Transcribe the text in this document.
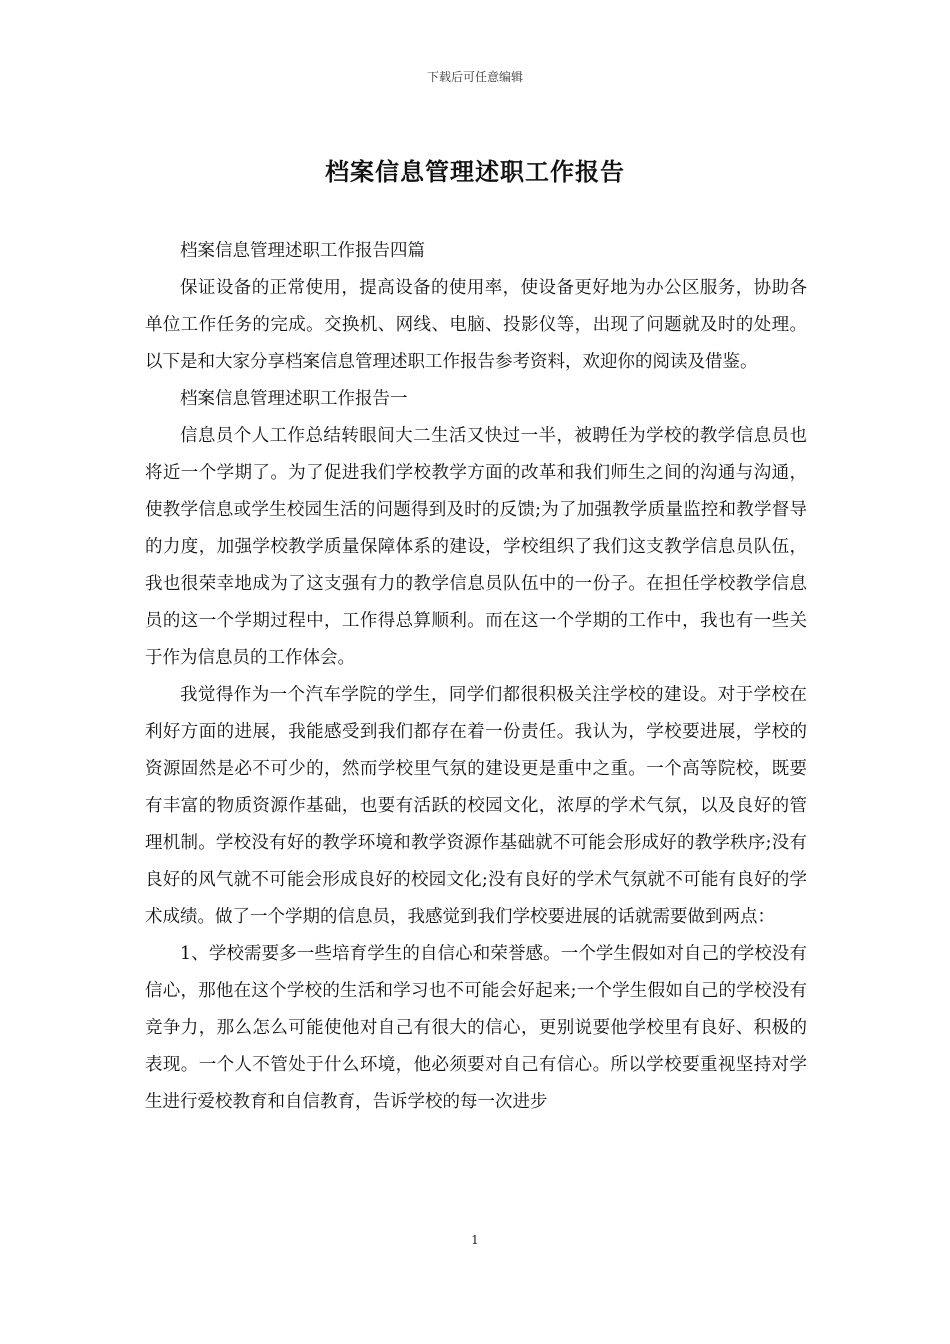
下载后可任意编辑
档案信息管理述职工作报告

档案信息管理述职工作报告四篇

保证设备的正常使用，提高设备的使用率，使设备更好地为办公区服务，协助各单位工作任务的完成。交换机、网线、电脑、投影仪等，出现了问题就及时的处理。以下是和大家分享档案信息管理述职工作报告参考资料，欢迎你的阅读及借鉴。

档案信息管理述职工作报告一

信息员个人工作总结转眼间大二生活又快过一半，被聘任为学校的教学信息员也将近一个学期了。为了促进我们学校教学方面的改革和我们师生之间的沟通与沟通，使教学信息或学生校园生活的问题得到及时的反馈;为了加强教学质量监控和教学督导的力度，加强学校教学质量保障体系的建设，学校组织了我们这支教学信息员队伍，我也很荣幸地成为了这支强有力的教学信息员队伍中的一份子。在担任学校教学信息员的这一个学期过程中，工作得总算顺利。而在这一个学期的工作中，我也有一些关于作为信息员的工作体会。

我觉得作为一个汽车学院的学生，同学们都很积极关注学校的建设。对于学校在利好方面的进展，我能感受到我们都存在着一份责任。我认为，学校要进展，学校的资源固然是必不可少的，然而学校里气氛的建设更是重中之重。一个高等院校，既要有丰富的物质资源作基础，也要有活跃的校园文化，浓厚的学术气氛，以及良好的管理机制。学校没有好的教学环境和教学资源作基础就不可能会形成好的教学秩序;没有良好的风气就不可能会形成良好的校园文化;没有良好的学术气氛就不可能有良好的学术成绩。做了一个学期的信息员，我感觉到我们学校要进展的话就需要做到两点：

1、学校需要多一些培育学生的自信心和荣誉感。一个学生假如对自己的学校没有信心，那他在这个学校的生活和学习也不可能会好起来;一个学生假如自己的学校没有竞争力，那么怎么可能使他对自己有很大的信心，更别说要他学校里有良好、积极的表现。一个人不管处于什么环境，他必须要对自己有信心。所以学校要重视坚持对学生进行爱校教育和自信教育，告诉学校的每一次进步

1
